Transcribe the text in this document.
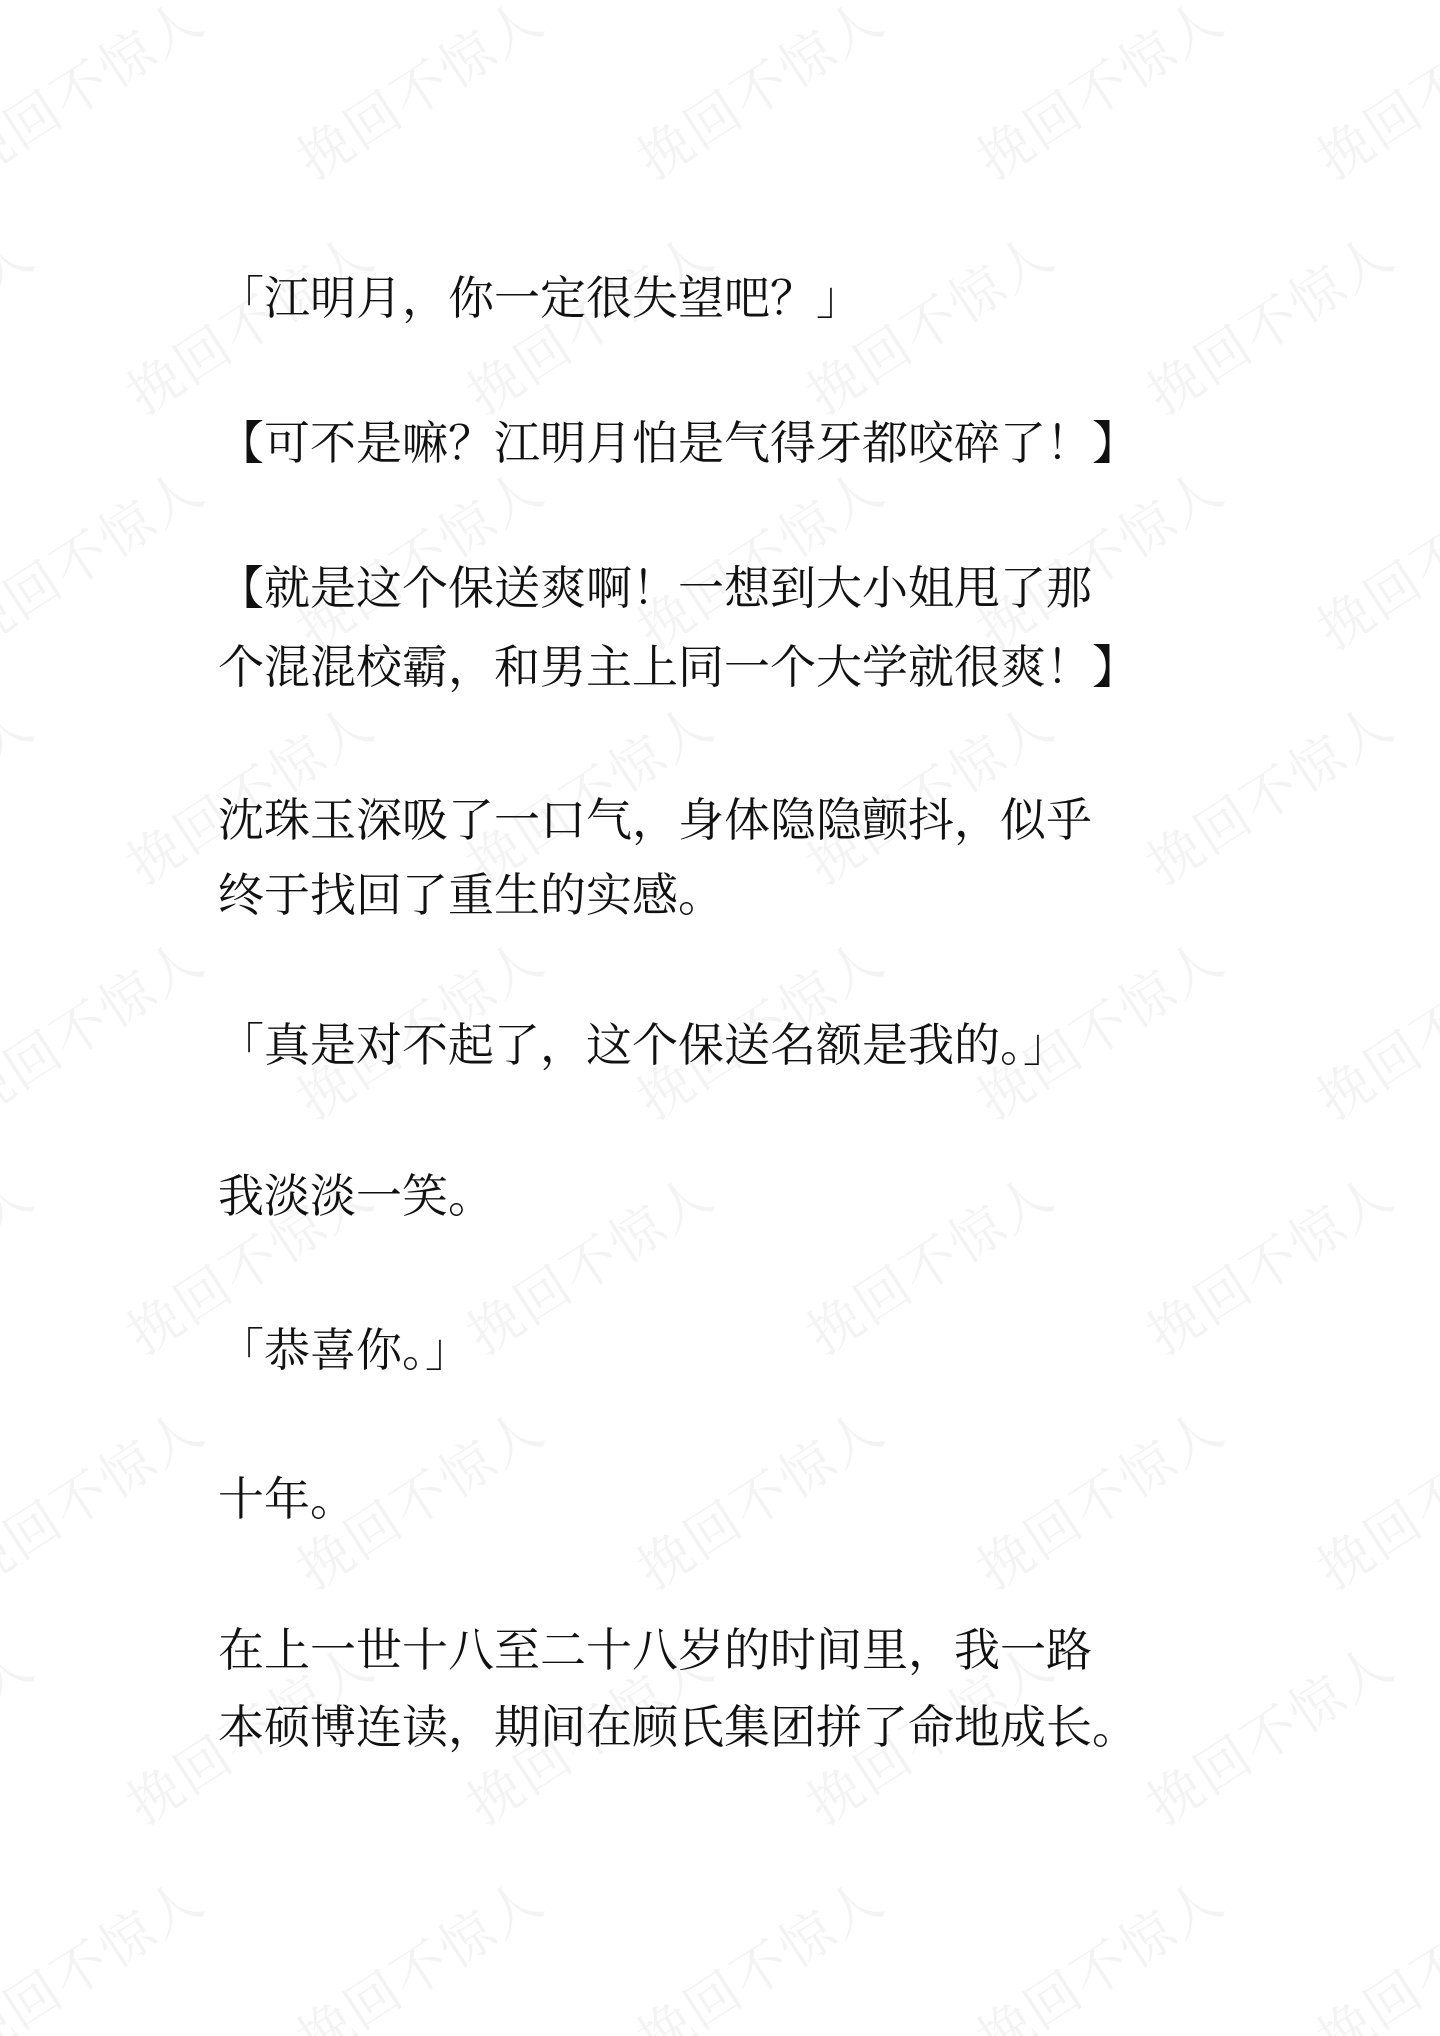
「江明月，你一定很失望吧？」
【可不是嘛？江明月怕是气得牙都咬碎了！】
【就是这个保送爽啊！一想到大小姐甩了那
个混混校霸，和男主上同一个大学就很爽！】
沈珠玉深吸了一口气，身体隐隐颤抖，似乎
终于找回了重生的实感。
「真是对不起了，这个保送名额是我的。」
我淡淡一笑。
「恭喜你。」
十年。
在上一世十八至二十八岁的时间里，我一路
本硕博连读，期间在顾氏集团拼了命地成长。
